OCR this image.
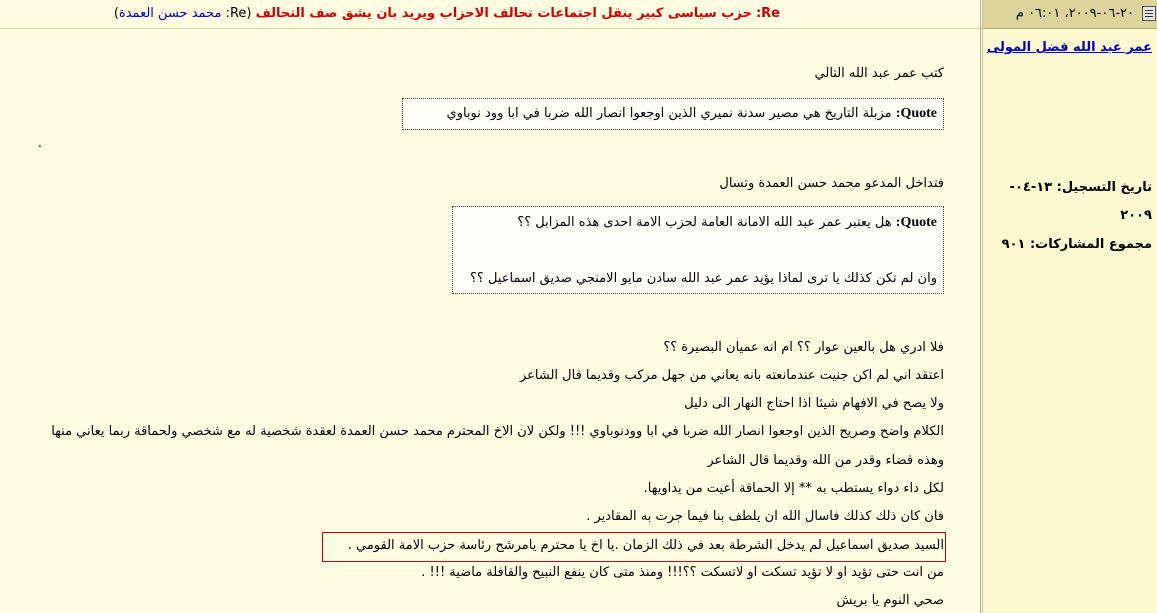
Re: حزب سياسى كبير ينقل اجتماعات تحالف الاحزاب ويريد بان يشق صف التحالف (Re: محمد حسن العمدة)
كتب عمر عبد الله التالي
Quote: مزبلة التاريخ هي مصير سدنة نميري الذين اوجعوا انصار الله ضربا في ابا وود نوباوي
.
فتداخل المدعو محمد حسن العمدة وتسال
Quote: هل يعتبر عمر عبد الله الامانة العامة لحزب الامة احدى هذه المزابل ؟؟
وان لم تكن كذلك يا ترى لماذا يؤيد عمر عبد الله سادن مايو الامنجي صديق اسماعيل ؟؟
فلا ادري هل بالعين عوار ؟؟ ام انه عميان البصيرة ؟؟
اعتقد اني لم اكن جنيت عندمانعته بانه يعاني من جهل مركب وقديما قال الشاعر
ولا يصح في الافهام شيئا اذا احتاج النهار الى دليل
الكلام واضح وصريح الذين اوجعوا انصار الله ضربا في ابا وودنوباوي !!! ولكن لان الاخ المحترم محمد حسن العمدة لعقدة شخصية له مع شخصي ولحماقة ربما يعاني منها
وهذه قضاء وقدر من الله وقديما قال الشاعر
لكل داء دواء يستطب به ** إلا الحماقة أعيت من يداويها.
فان كان ذلك كذلك فاسال الله ان يلطف بنا فيما جرت به المقادير .
السيد صديق اسماعيل لم يدخل الشرطة بعد في ذلك الزمان .يا اخ يا محترم يامرشح رئاسة حزب الامة القومي .
من انت حتى تؤيد او لا تؤيد تسكت او لاتسكت ؟؟!!! ومنذ متى كان ينفع النبيح والقافلة ماضية !!! .
صحي النوم يا بريش
٢٠-٠٦-٢٠٠٩، ٠٦:٠١ م
عمر عبد الله فضل المولى
تاريخ التسجيل: ١٣-٠٤-
٢٠٠٩
مجموع المشاركات: ٩٠١
